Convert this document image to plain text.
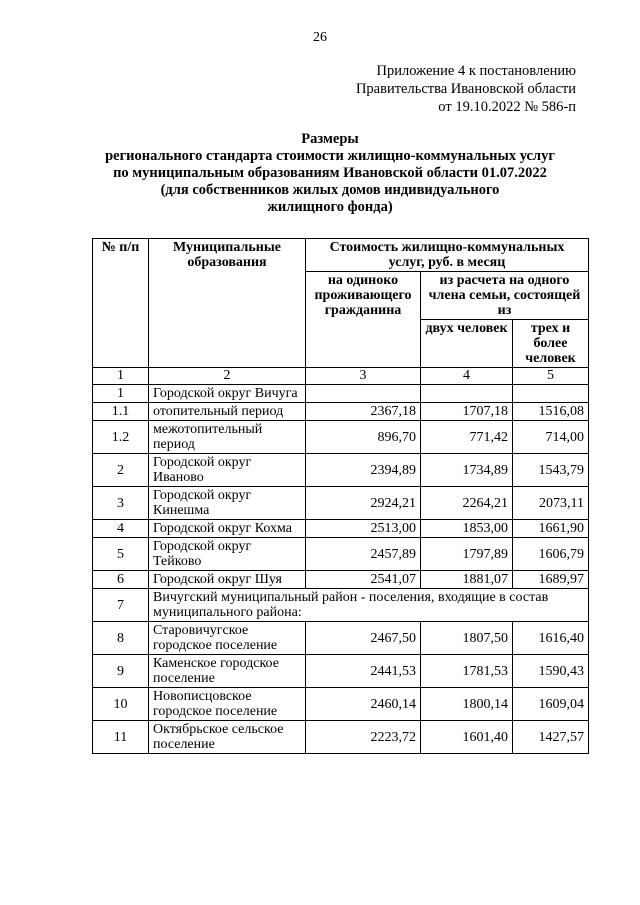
26
Приложение 4 к постановлению
Правительства Ивановской области
от 19.10.2022 № 586-п
Размеры
регионального стандарта стоимости жилищно-коммунальных услуг
по муниципальным образованиям Ивановской области 01.07.2022
(для собственников жилых домов индивидуального
жилищного фонда)
№ п/п	Муниципальные образования	Стоимость жилищно-коммунальных услуг, руб. в месяц		
		на одиноко проживающего гражданина	из расчета на одного члена семьи, состоящей из	
			двух человек	трех и более человек
1	2	3	4	5
1	Городской округ Вичуга			
1.1	отопительный период	2367,18	1707,18	1516,08
1.2	межотопительный период	896,70	771,42	714,00
2	Городской округ Иваново	2394,89	1734,89	1543,79
3	Городской округ Кинешма	2924,21	2264,21	2073,11
4	Городской округ Кохма	2513,00	1853,00	1661,90
5	Городской округ Тейково	2457,89	1797,89	1606,79
6	Городской округ Шуя	2541,07	1881,07	1689,97
7	Вичугский муниципальный район - поселения, входящие в состав муниципального района:			
8	Старовичугское городское поселение	2467,50	1807,50	1616,40
9	Каменское городское поселение	2441,53	1781,53	1590,43
10	Новописцовское городское поселение	2460,14	1800,14	1609,04
11	Октябрьское сельское поселение	2223,72	1601,40	1427,57
